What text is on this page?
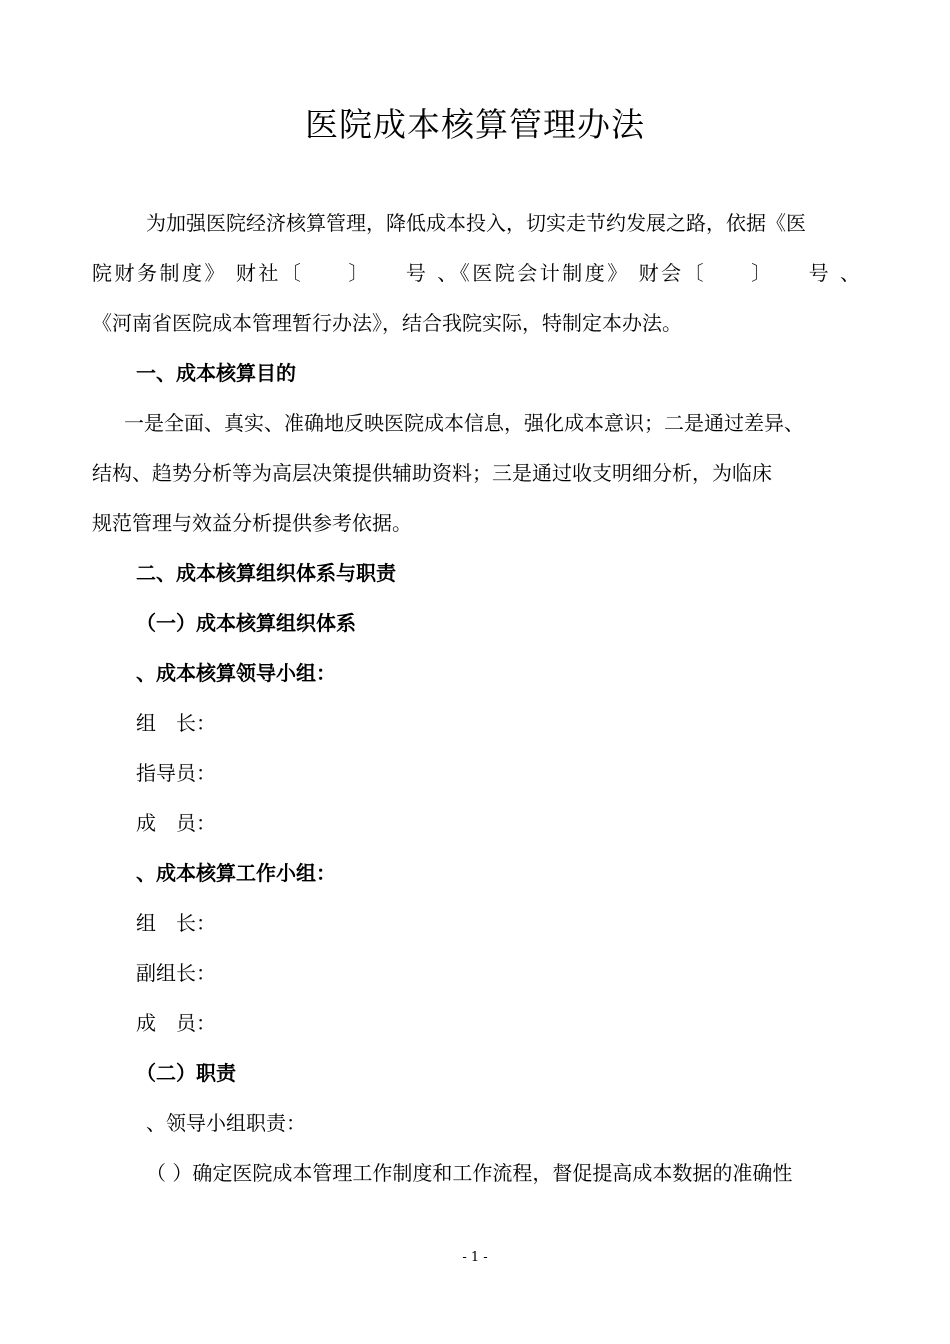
医院成本核算管理办法

为加强医院经济核算管理，降低成本投入，切实走节约发展之路，依据《医

院财务制度》 财社〔　　〕　　号 、《医院会计制度》 财会〔　　〕　　号 、

《河南省医院成本管理暂行办法》，结合我院实际，特制定本办法。

一、成本核算目的

一是全面、真实、准确地反映医院成本信息，强化成本意识；二是通过差异、

结构、趋势分析等为高层决策提供辅助资料；三是通过收支明细分析，为临床

规范管理与效益分析提供参考依据。

二、成本核算组织体系与职责

（一）成本核算组织体系

、成本核算领导小组：

组　长：

指导员：

成　员：

、成本核算工作小组：

组　长：

副组长：

成　员：

（二）职责

、领导小组职责：

（ ）确定医院成本管理工作制度和工作流程，督促提高成本数据的准确性

- 1 -
